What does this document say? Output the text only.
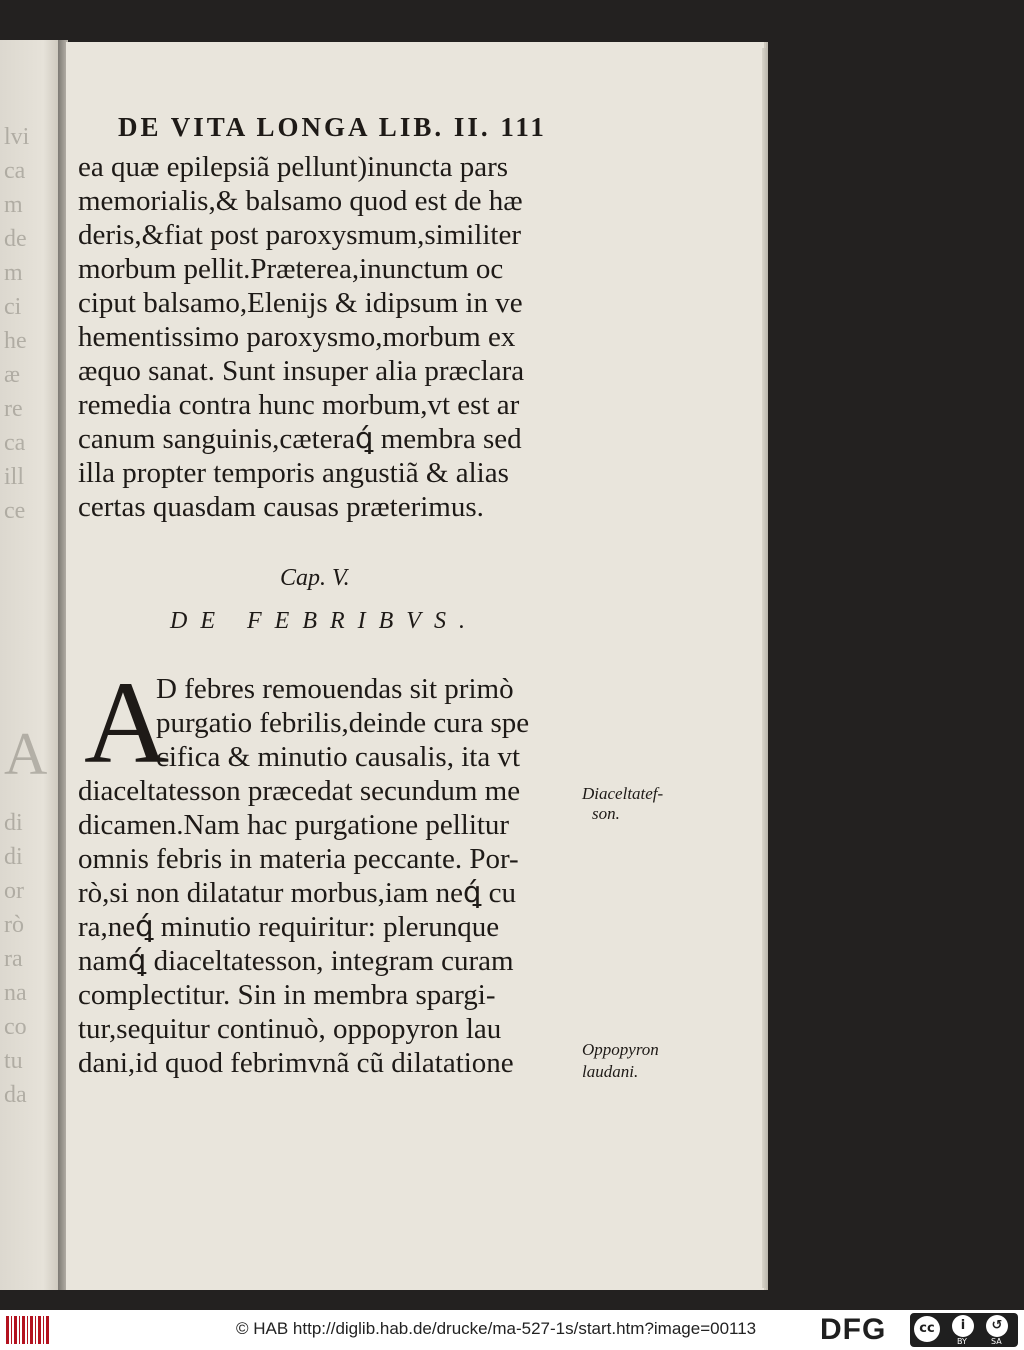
lvi
ca
m
de
m
ci
he
æ
re
ca
ill
ce
A
di
di
or
rò
ra
na
co
tu
da
DE VITA LONGA LIB. II. 111
ea quæ epilepsiã pellunt)inuncta pars
memorialis,& balsamo quod est de hæ
deris,&fiat post paroxysmum,similiter
morbum pellit.Præterea,inunctum oc
ciput balsamo,Elenijs & idipsum in ve
hementissimo paroxysmo,morbum ex
æquo sanat. Sunt insuper alia præclara
remedia contra hunc morbum,vt est ar
canum sanguinis,cæteraꝗ́ membra sed
illa propter temporis angustiã & alias
certas quasdam causas præterimus.
Cap. V.
DE FEBRIBVS.
A
D febres remouendas sit primò
purgatio febrilis,deinde cura spe
cifica & minutio causalis, ita vt
diaceltatesson præcedat secundum me
dicamen.Nam hac purgatione pellitur
omnis febris in materia peccante. Por-
rò,si non dilatatur morbus,iam neꝗ́ cu
ra,neꝗ́ minutio requiritur: plerunque
namꝗ́ diaceltatesson, integram curam
complectitur. Sin in membra spargi-
tur,sequitur continuò, oppopyron lau
dani,id quod febrimvnã cũ dilatatione
Diaceltatef-
son.
Oppopyron
laudani.
© HAB http://diglib.hab.de/drucke/ma-527-1s/start.htm?image=00113 DFG	cc	i
BY
↺
SA
